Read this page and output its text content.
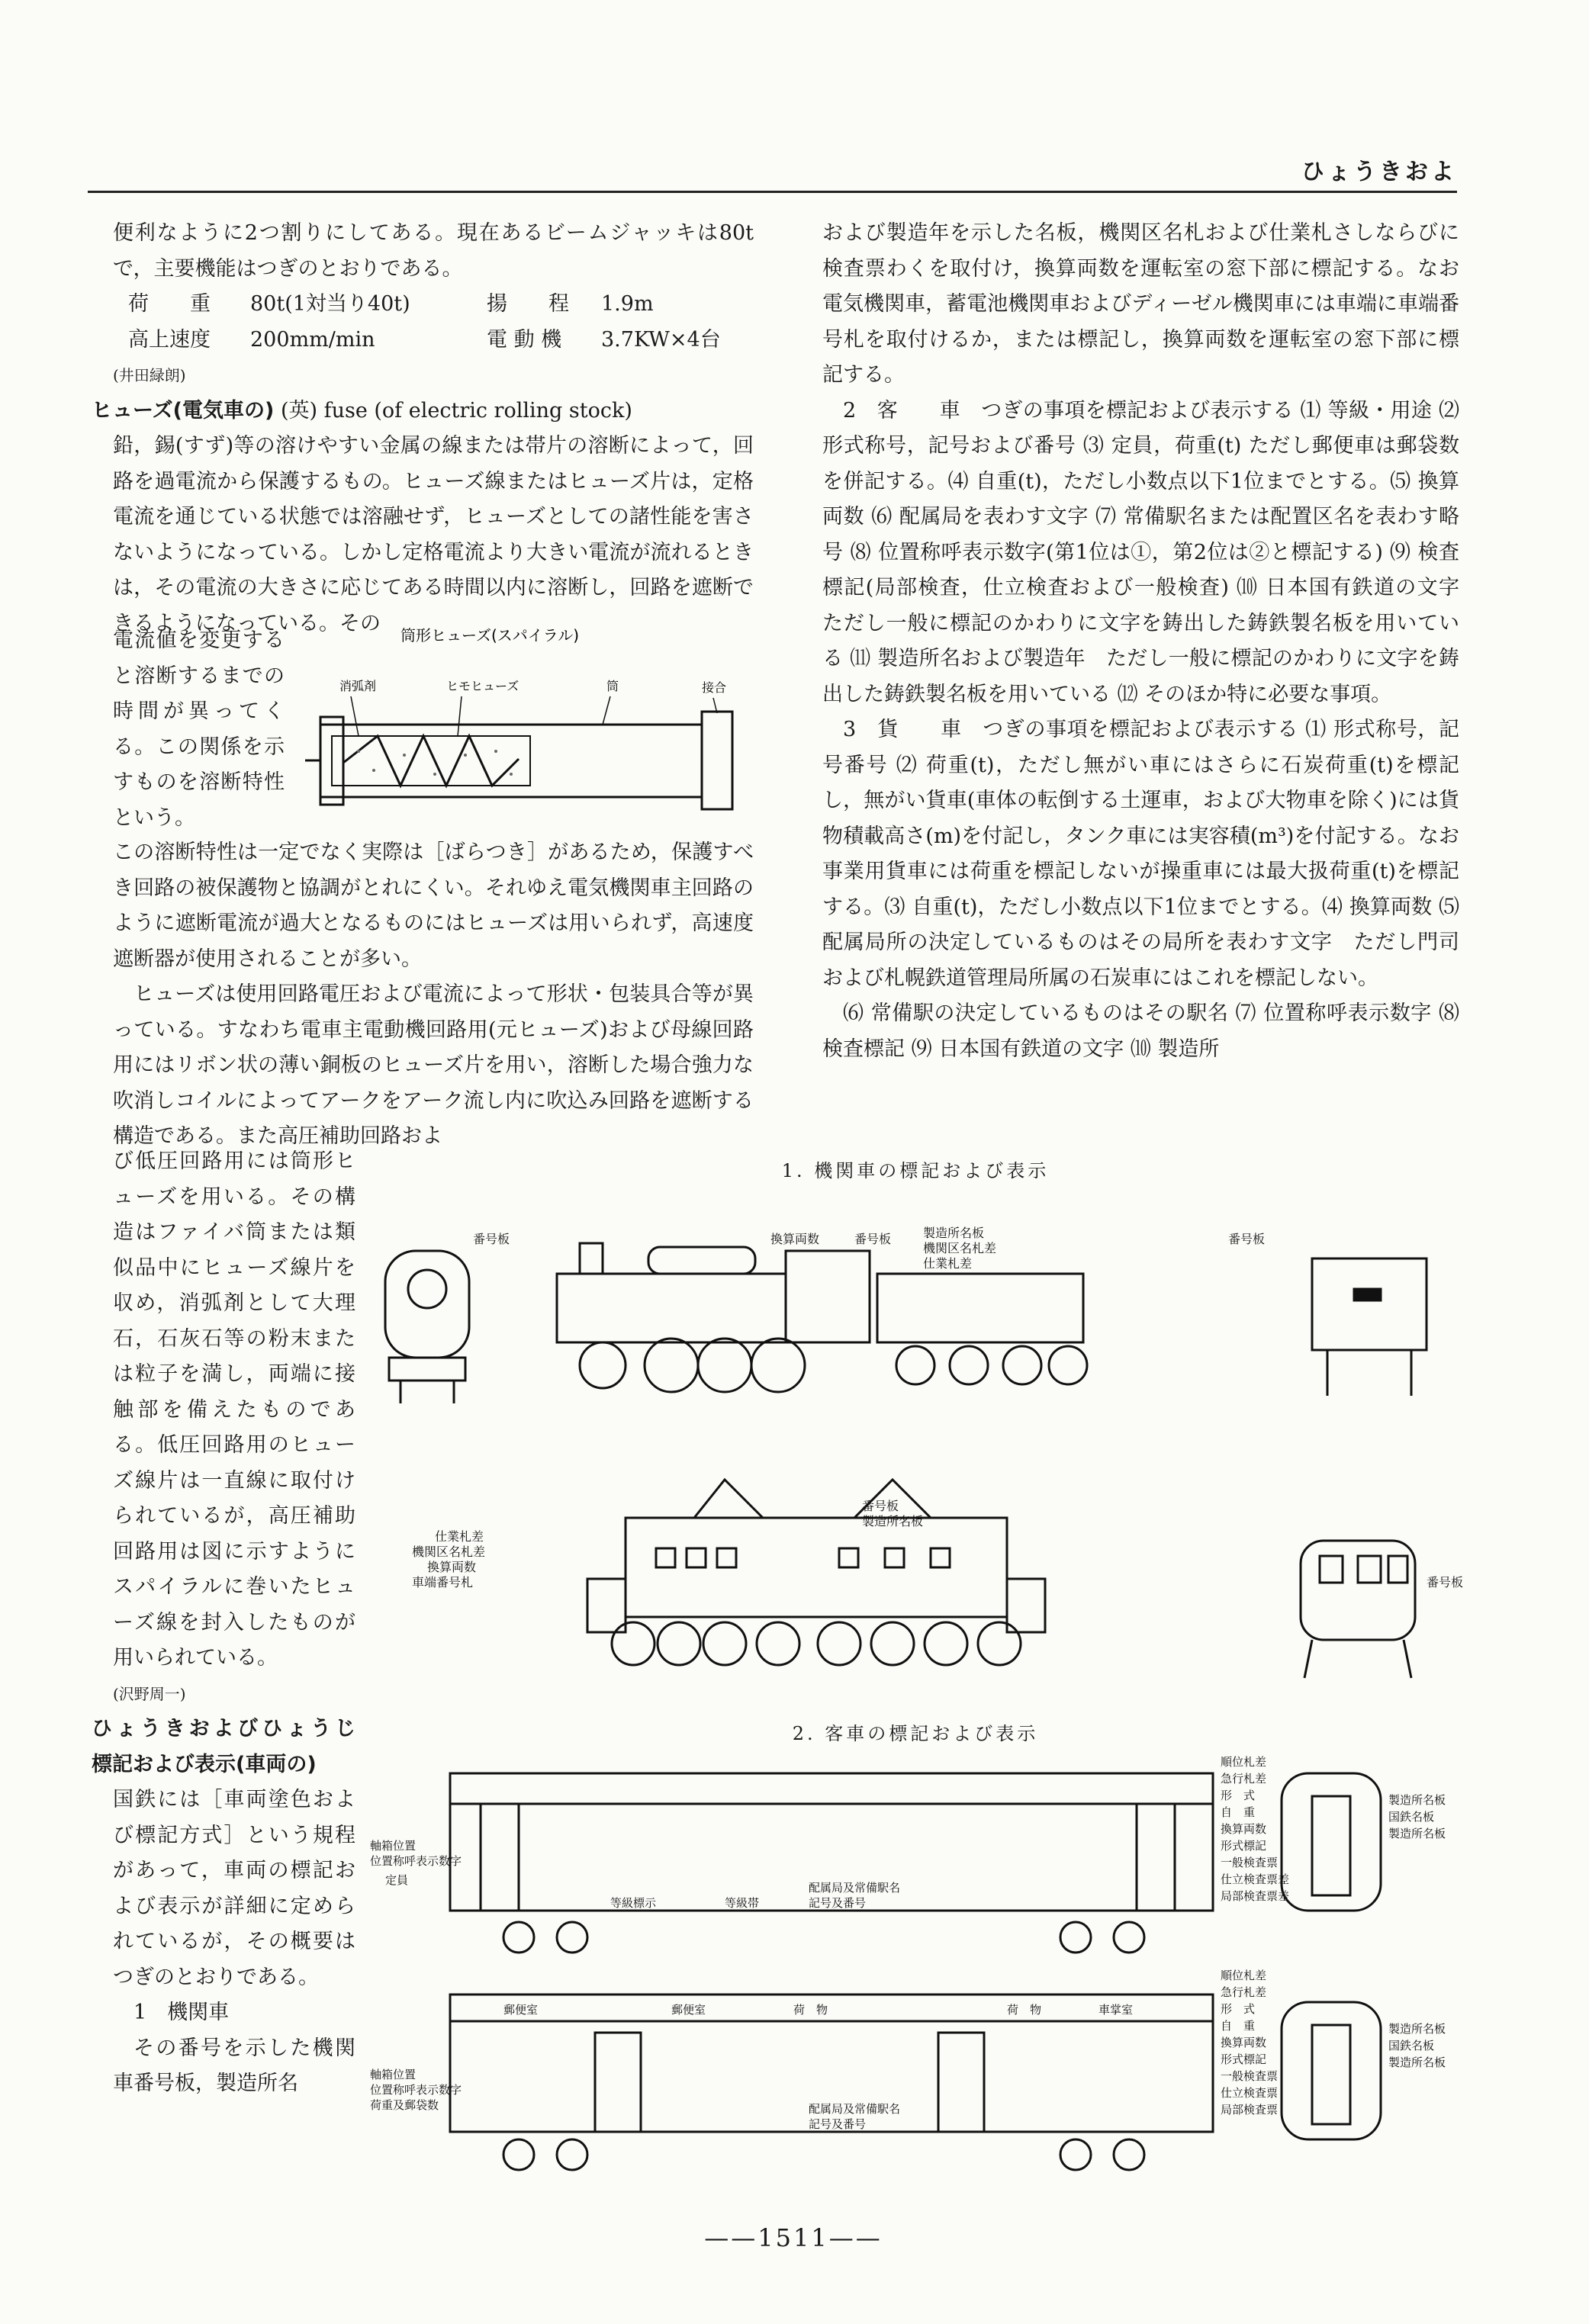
ひょうきおよ

便利なように2つ割りにしてある。現在あるビームジャッキは80tで，主要機能はつぎのとおりである。

荷　　重	80t(1対当り40t)	揚　　程	1.9m
高上速度	200mm/min	電 動 機	3.7KW×4台

(井田緑朗)

ヒューズ(電気車の) (英) fuse (of electric rolling stock)

鉛，錫(すず)等の溶けやすい金属の線または帯片の溶断によって，回路を過電流から保護するもの。ヒューズ線またはヒューズ片は，定格電流を通じている状態では溶融せず，ヒューズとしての諸性能を害さないようになっている。しかし定格電流より大きい電流が流れるときは，その電流の大きさに応じてある時間以内に溶断し，回路を遮断できるようになっている。その

電流値を変更すると溶断するまでの時間が異ってくる。この関係を示すものを溶断特性という。

筒形ヒューズ(スパイラル)
消弧剤	ヒモヒューズ	筒	接合

この溶断特性は一定でなく実際は［ばらつき］があるため，保護すべき回路の被保護物と協調がとれにくい。それゆえ電気機関車主回路のように遮断電流が過大となるものにはヒューズは用いられず，高速度遮断器が使用されることが多い。

ヒューズは使用回路電圧および電流によって形状・包装具合等が異っている。すなわち電車主電動機回路用(元ヒューズ)および母線回路用にはリボン状の薄い銅板のヒューズ片を用い，溶断した場合強力な吹消しコイルによってアークをアーク流し内に吹込み回路を遮断する構造である。また高圧補助回路およ

び低圧回路用には筒形ヒューズを用いる。その構造はファイバ筒または類似品中にヒューズ線片を収め，消弧剤として大理石，石灰石等の粉末または粒子を満し，両端に接触部を備えたものである。低圧回路用のヒューズ線片は一直線に取付けられているが，高圧補助回路用は図に示すようにスパイラルに巻いたヒューズ線を封入したものが用いられている。

(沢野周一)

ひょうきおよびひょうじ　標記および表示(車両の)

国鉄には［車両塗色および標記方式］という規程があって，車両の標記および表示が詳細に定められているが，その概要はつぎのとおりである。

1　機関車

その番号を示した機関車番号板，製造所名

および製造年を示した名板，機関区名札および仕業札さしならびに検査票わくを取付け，換算両数を運転室の窓下部に標記する。なお電気機関車，蓄電池機関車およびディーゼル機関車には車端に車端番号札を取付けるか，または標記し，換算両数を運転室の窓下部に標記する。

2　客　　車　つぎの事項を標記および表示する ⑴ 等級・用途 ⑵ 形式称号，記号および番号 ⑶ 定員，荷重(t) ただし郵便車は郵袋数を併記する。⑷ 自重(t)，ただし小数点以下1位までとする。⑸ 換算両数 ⑹ 配属局を表わす文字 ⑺ 常備駅名または配置区名を表わす略号 ⑻ 位置称呼表示数字(第1位は①，第2位は②と標記する) ⑼ 検査標記(局部検査，仕立検査および一般検査) ⑽ 日本国有鉄道の文字　ただし一般に標記のかわりに文字を鋳出した鋳鉄製名板を用いている ⑾ 製造所名および製造年　ただし一般に標記のかわりに文字を鋳出した鋳鉄製名板を用いている ⑿ そのほか特に必要な事項。

3　貨　　車　つぎの事項を標記および表示する ⑴ 形式称号，記号番号 ⑵ 荷重(t)，ただし無がい車にはさらに石炭荷重(t)を標記し，無がい貨車(車体の転倒する土運車，および大物車を除く)には貨物積載高さ(m)を付記し，タンク車には実容積(m³)を付記する。なお事業用貨車には荷重を標記しないが操重車には最大扱荷重(t)を標記する。⑶ 自重(t)，ただし小数点以下1位までとする。⑷ 換算両数 ⑸ 配属局所の決定しているものはその局所を表わす文字　ただし門司および札幌鉄道管理局所属の石炭車にはこれを標記しない。

⑹ 常備駅の決定しているものはその駅名 ⑺ 位置称呼表示数字 ⑻ 検査標記 ⑼ 日本国有鉄道の文字 ⑽ 製造所

1. 機関車の標記および表示
番号板	換算両数	番号板	製造所名板
機関区名札差
仕業札差
番号板
仕業札差
機関区名札差
換算両数
車端番号札
番号板
製造所名板
番号板
2. 客車の標記および表示
順位札差
急行札差
形　式
自　重
換算両数
形式標記
一般検査票
仕立検査票差
局部検査票差
軸箱位置
位置称呼表示数字
定員
等級標示	等級帯
配属局及常備駅名
記号及番号
製造所名板
国鉄名板
製造所名板
順位札差
急行札差
形　式
自　重
換算両数
形式標記
一般検査票
仕立検査票
局部検査票
軸箱位置
位置称呼表示数字
荷重及郵袋数	配属局及常備駅名
記号及番号
郵便室	郵便室	荷　物	荷　物	車掌室
製造所名板
国鉄名板
製造所名板
——1511——
